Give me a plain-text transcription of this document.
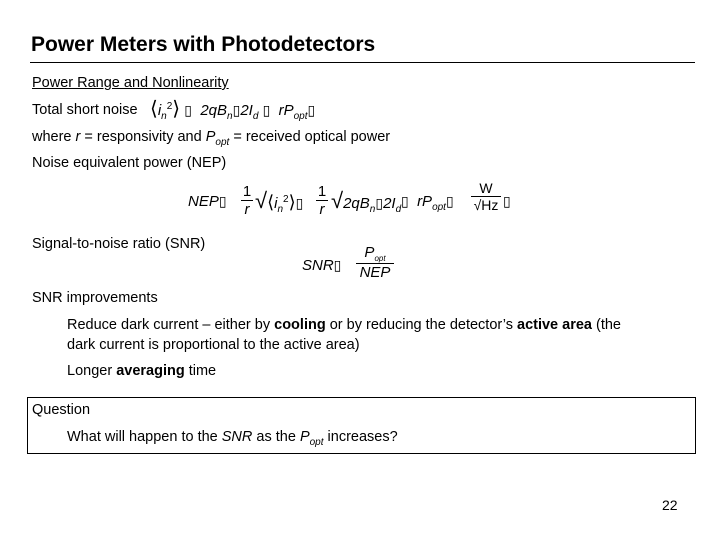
Power Meters with Photodetectors
Power Range and Nonlinearity
Total short noise $⟨i_n^2⟩$ ▯ $2qB_n▯2I_d$ ▯ $rP_{opt}▯$
where r = responsivity and $P_{opt}$ = received optical power
Noise equivalent power (NEP)
NEP▯
1
r $√⟨i_n^2⟩▯$
1
r $√2qB_n▯2I_d$
▯ $rP_{opt}▯$
W
√Hz ▯
Signal-to-noise ratio (SNR)
SNR▯
$P_{opt}$
NEP
SNR improvements
Reduce dark current – either by cooling or by reducing the detector’s active area (the
dark current is proportional to the active area)
Longer averaging time
Question
What will happen to the SNR as the $P_{opt}$ increases?
22
